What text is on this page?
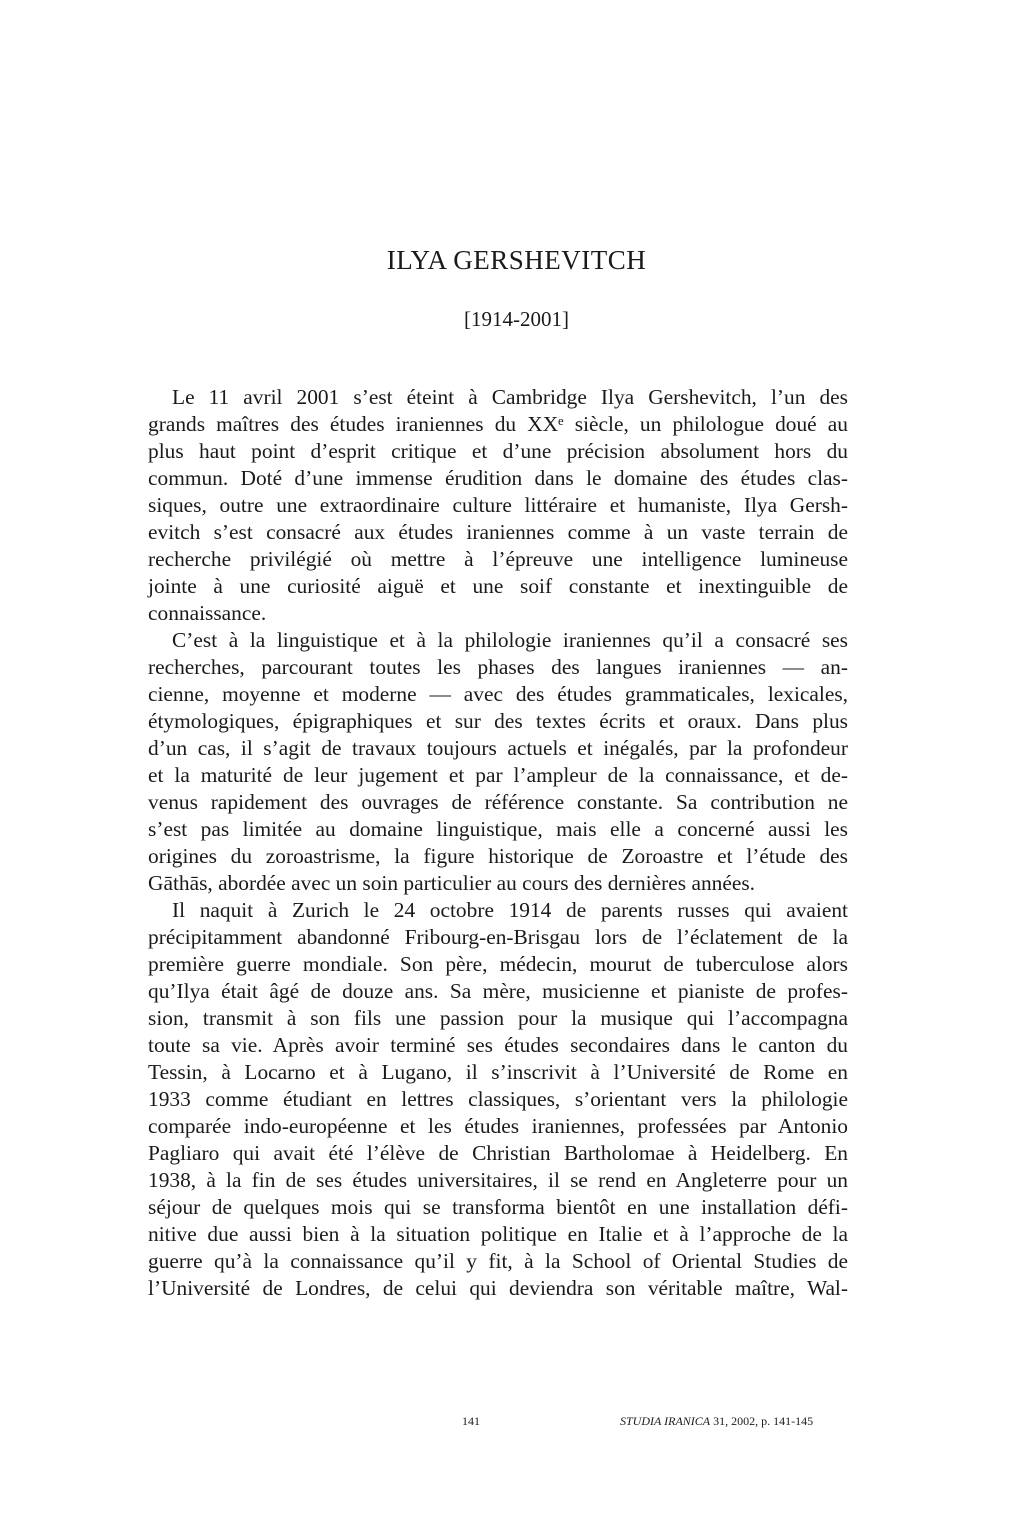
ILYA GERSHEVITCH
[1914-2001]
Le 11 avril 2001 s’est éteint à Cambridge Ilya Gershevitch, l’un des
grands maîtres des études iraniennes du XXᵉ siècle, un philologue doué au
plus haut point d’esprit critique et d’une précision absolument hors du
commun. Doté d’une immense érudition dans le domaine des études clas-
siques, outre une extraordinaire culture littéraire et humaniste, Ilya Gersh-
evitch s’est consacré aux études iraniennes comme à un vaste terrain de
recherche privilégié où mettre à l’épreuve une intelligence lumineuse
jointe à une curiosité aiguë et une soif constante et inextinguible de
connaissance.
C’est à la linguistique et à la philologie iraniennes qu’il a consacré ses
recherches, parcourant toutes les phases des langues iraniennes — an-
cienne, moyenne et moderne — avec des études grammaticales, lexicales,
étymologiques, épigraphiques et sur des textes écrits et oraux. Dans plus
d’un cas, il s’agit de travaux toujours actuels et inégalés, par la profondeur
et la maturité de leur jugement et par l’ampleur de la connaissance, et de-
venus rapidement des ouvrages de référence constante. Sa contribution ne
s’est pas limitée au domaine linguistique, mais elle a concerné aussi les
origines du zoroastrisme, la figure historique de Zoroastre et l’étude des
Gāthās, abordée avec un soin particulier au cours des dernières années.
Il naquit à Zurich le 24 octobre 1914 de parents russes qui avaient
précipitamment abandonné Fribourg-en-Brisgau lors de l’éclatement de la
première guerre mondiale. Son père, médecin, mourut de tuberculose alors
qu’Ilya était âgé de douze ans. Sa mère, musicienne et pianiste de profes-
sion, transmit à son fils une passion pour la musique qui l’accompagna
toute sa vie. Après avoir terminé ses études secondaires dans le canton du
Tessin, à Locarno et à Lugano, il s’inscrivit à l’Université de Rome en
1933 comme étudiant en lettres classiques, s’orientant vers la philologie
comparée indo-européenne et les études iraniennes, professées par Antonio
Pagliaro qui avait été l’élève de Christian Bartholomae à Heidelberg. En
1938, à la fin de ses études universitaires, il se rend en Angleterre pour un
séjour de quelques mois qui se transforma bientôt en une installation défi-
nitive due aussi bien à la situation politique en Italie et à l’approche de la
guerre qu’à la connaissance qu’il y fit, à la School of Oriental Studies de
l’Université de Londres, de celui qui deviendra son véritable maître, Wal-
141	STUDIA IRANICA 31, 2002, p. 141-145
